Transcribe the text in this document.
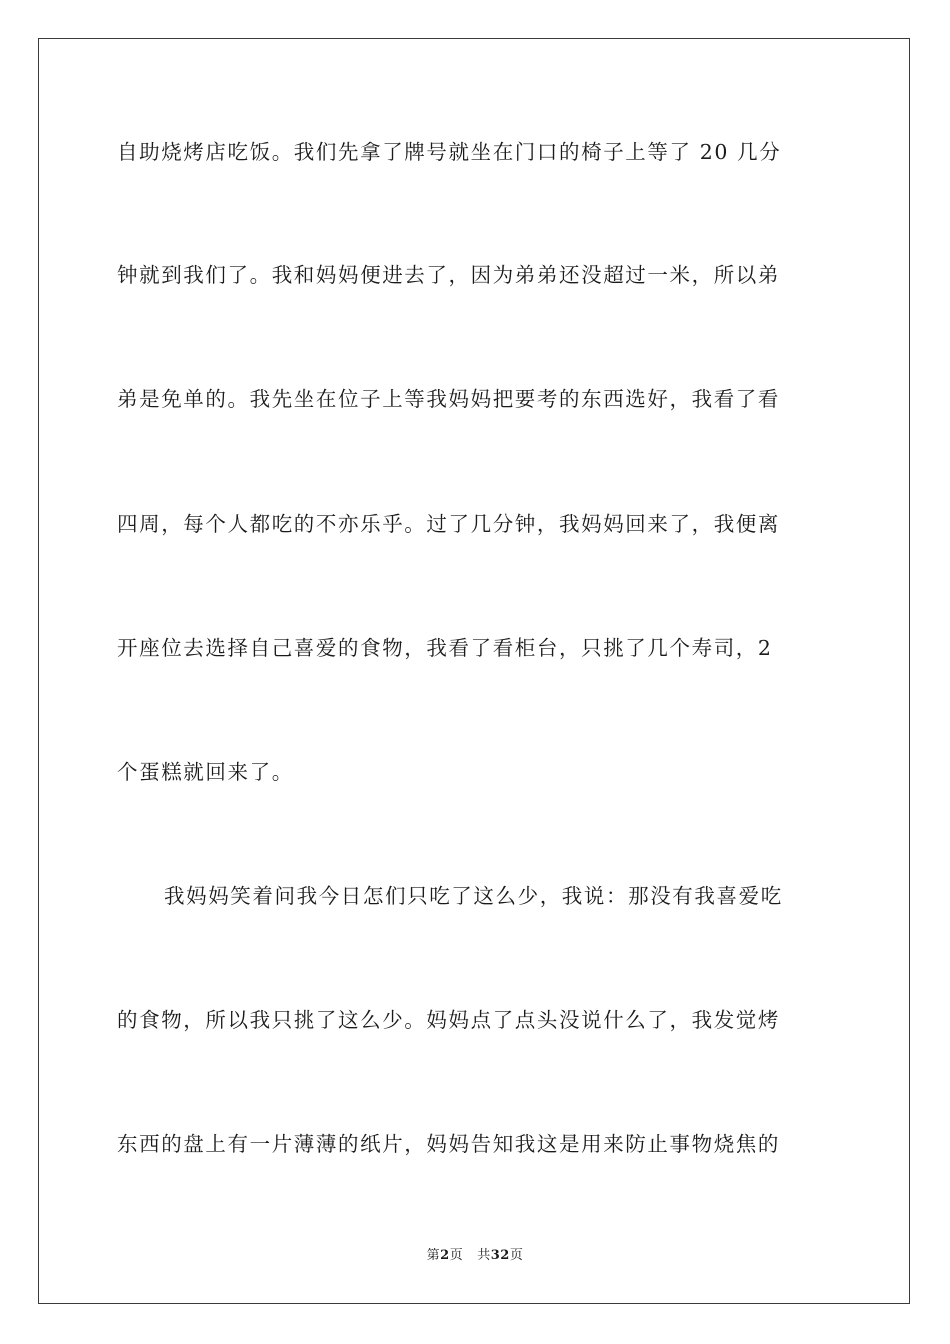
自助烧烤店吃饭。我们先拿了牌号就坐在门口的椅子上等了 20 几分
钟就到我们了。我和妈妈便进去了，因为弟弟还没超过一米，所以弟
弟是免单的。我先坐在位子上等我妈妈把要考的东西选好，我看了看
四周，每个人都吃的不亦乐乎。过了几分钟，我妈妈回来了，我便离
开座位去选择自己喜爱的食物，我看了看柜台，只挑了几个寿司，2
个蛋糕就回来了。
我妈妈笑着问我今日怎们只吃了这么少，我说：那没有我喜爱吃
的食物，所以我只挑了这么少。妈妈点了点头没说什么了，我发觉烤
东西的盘上有一片薄薄的纸片，妈妈告知我这是用来防止事物烧焦的
第2页 共32页
